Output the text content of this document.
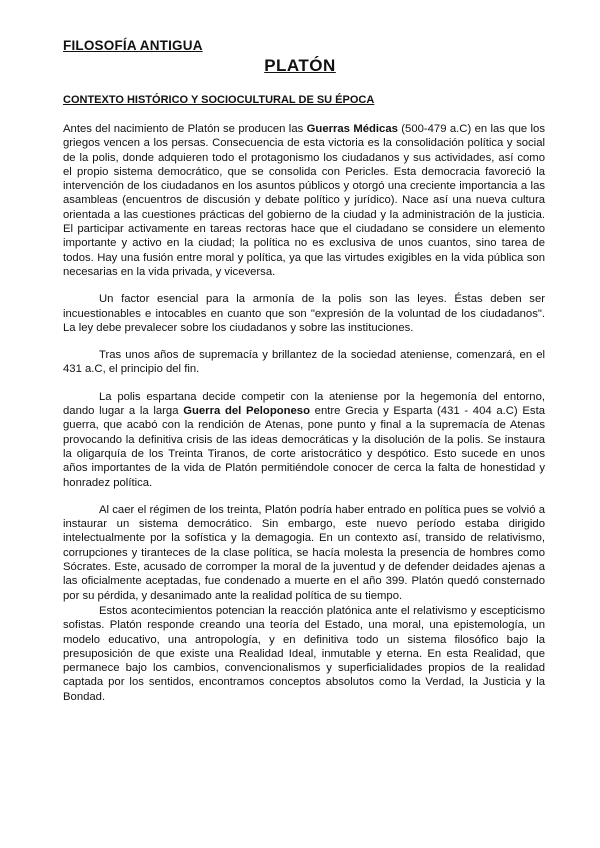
FILOSOFÍA ANTIGUA
PLATÓN
CONTEXTO HISTÓRICO Y SOCIOCULTURAL DE SU ÉPOCA

Antes del nacimiento de Platón se producen las Guerras Médicas (500-479 a.C) en las que los griegos vencen a los persas. Consecuencia de esta victoria es la consolidación política y social de la polis, donde adquieren todo el protagonismo los ciudadanos y sus actividades, así como el propio sistema democrático, que se consolida con Pericles. Esta democracia favoreció la intervención de los ciudadanos en los asuntos públicos y otorgó una creciente importancia a las asambleas (encuentros de discusión y debate político y jurídico). Nace así una nueva cultura orientada a las cuestiones prácticas del gobierno de la ciudad y la administración de la justicia. El participar activamente en tareas rectoras hace que el ciudadano se considere un elemento importante y activo en la ciudad; la política no es exclusiva de unos cuantos, sino tarea de todos. Hay una fusión entre moral y política, ya que las virtudes exigibles en la vida pública son necesarias en la vida privada, y viceversa.

Un factor esencial para la armonía de la polis son las leyes. Éstas deben ser incuestionables e intocables en cuanto que son "expresión de la voluntad de los ciudadanos". La ley debe prevalecer sobre los ciudadanos y sobre las instituciones.

Tras unos años de supremacía y brillantez de la sociedad ateniense, comenzará, en el 431 a.C, el principio del fin.

La polis espartana decide competir con la ateniense por la hegemonía del entorno, dando lugar a la larga Guerra del Peloponeso entre Grecia y Esparta (431 - 404 a.C) Esta guerra, que acabó con la rendición de Atenas, pone punto y final a la supremacía de Atenas provocando la definitiva crisis de las ideas democráticas y la disolución de la polis. Se instaura la oligarquía de los Treinta Tiranos, de corte aristocrático y despótico. Esto sucede en unos años importantes de la vida de Platón permitiéndole conocer de cerca la falta de honestidad y honradez política.

Al caer el régimen de los treinta, Platón podría haber entrado en política pues se volvió a instaurar un sistema democrático. Sin embargo, este nuevo período estaba dirigido intelectualmente por la sofística y la demagogia. En un contexto así, transido de relativismo, corrupciones y tiranteces de la clase política, se hacía molesta la presencia de hombres como Sócrates. Este, acusado de corromper la moral de la juventud y de defender deidades ajenas a las oficialmente aceptadas, fue condenado a muerte en el año 399. Platón quedó consternado por su pérdida, y desanimado ante la realidad política de su tiempo.

Estos acontecimientos potencian la reacción platónica ante el relativismo y escepticismo sofistas. Platón responde creando una teoría del Estado, una moral, una epistemología, un modelo educativo, una antropología, y en definitiva todo un sistema filosófico bajo la presuposición de que existe una Realidad Ideal, inmutable y eterna. En esta Realidad, que permanece bajo los cambios, convencionalismos y superficialidades propios de la realidad captada por los sentidos, encontramos conceptos absolutos como la Verdad, la Justicia y la Bondad.
